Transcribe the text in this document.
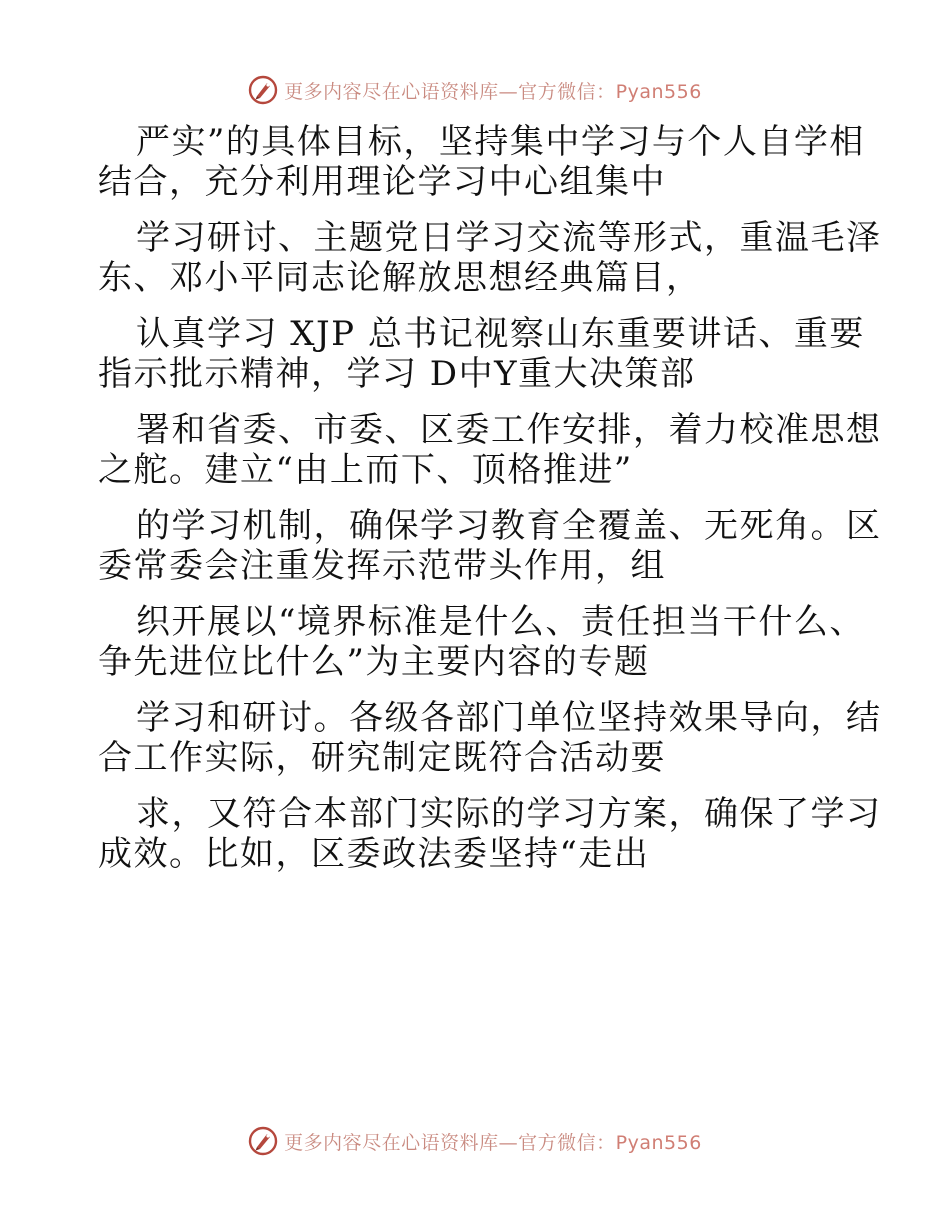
更多内容尽在心语资料库—官方微信：Pyan556
严实”的具体目标，坚持集中学习与个人自学相
结合，充分利用理论学习中心组集中
学习研讨、主题党日学习交流等形式，重温毛泽
东、邓小平同志论解放思想经典篇目，
认真学习 XJP 总书记视察山东重要讲话、重要
指示批示精神，学习 D中Y重大决策部
署和省委、市委、区委工作安排，着力校准思想
之舵。建立“由上而下、顶格推进”
的学习机制，确保学习教育全覆盖、无死角。区
委常委会注重发挥示范带头作用，组
织开展以“境界标准是什么、责任担当干什么、
争先进位比什么”为主要内容的专题
学习和研讨。各级各部门单位坚持效果导向，结
合工作实际，研究制定既符合活动要
求，又符合本部门实际的学习方案，确保了学习
成效。比如，区委政法委坚持“走出
更多内容尽在心语资料库—官方微信：Pyan556
